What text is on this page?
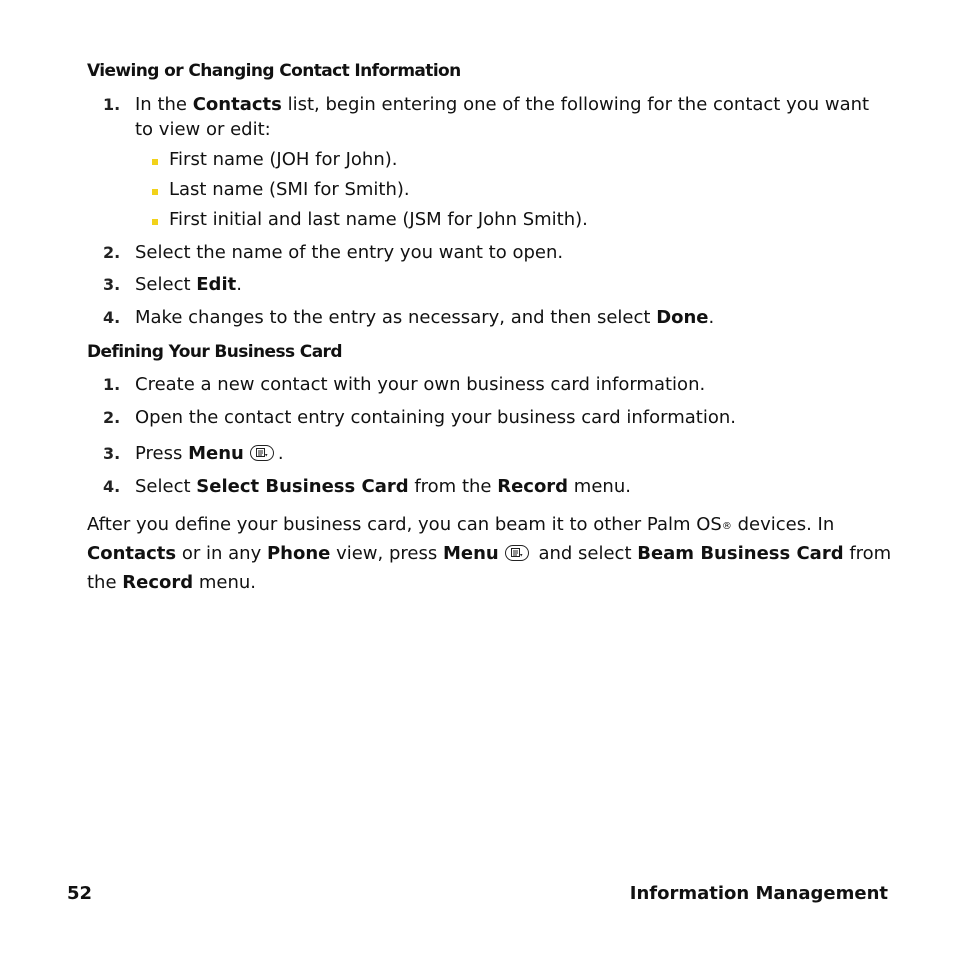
Viewing or Changing Contact Information
1. In the Contacts list, begin entering one of the following for the contact you want to view or edit:
First name (JOH for John).
Last name (SMI for Smith).
First initial and last name (JSM for John Smith).
2. Select the name of the entry you want to open.
3. Select Edit.
4. Make changes to the entry as necessary, and then select Done.
Defining Your Business Card
1. Create a new contact with your own business card information.
2. Open the contact entry containing your business card information.
3. Press Menu .
4. Select Select Business Card from the Record menu.
After you define your business card, you can beam it to other Palm OS® devices. In Contacts or in any Phone view, press Menu
and select Beam Business Card from the Record menu.
52	Information Management
